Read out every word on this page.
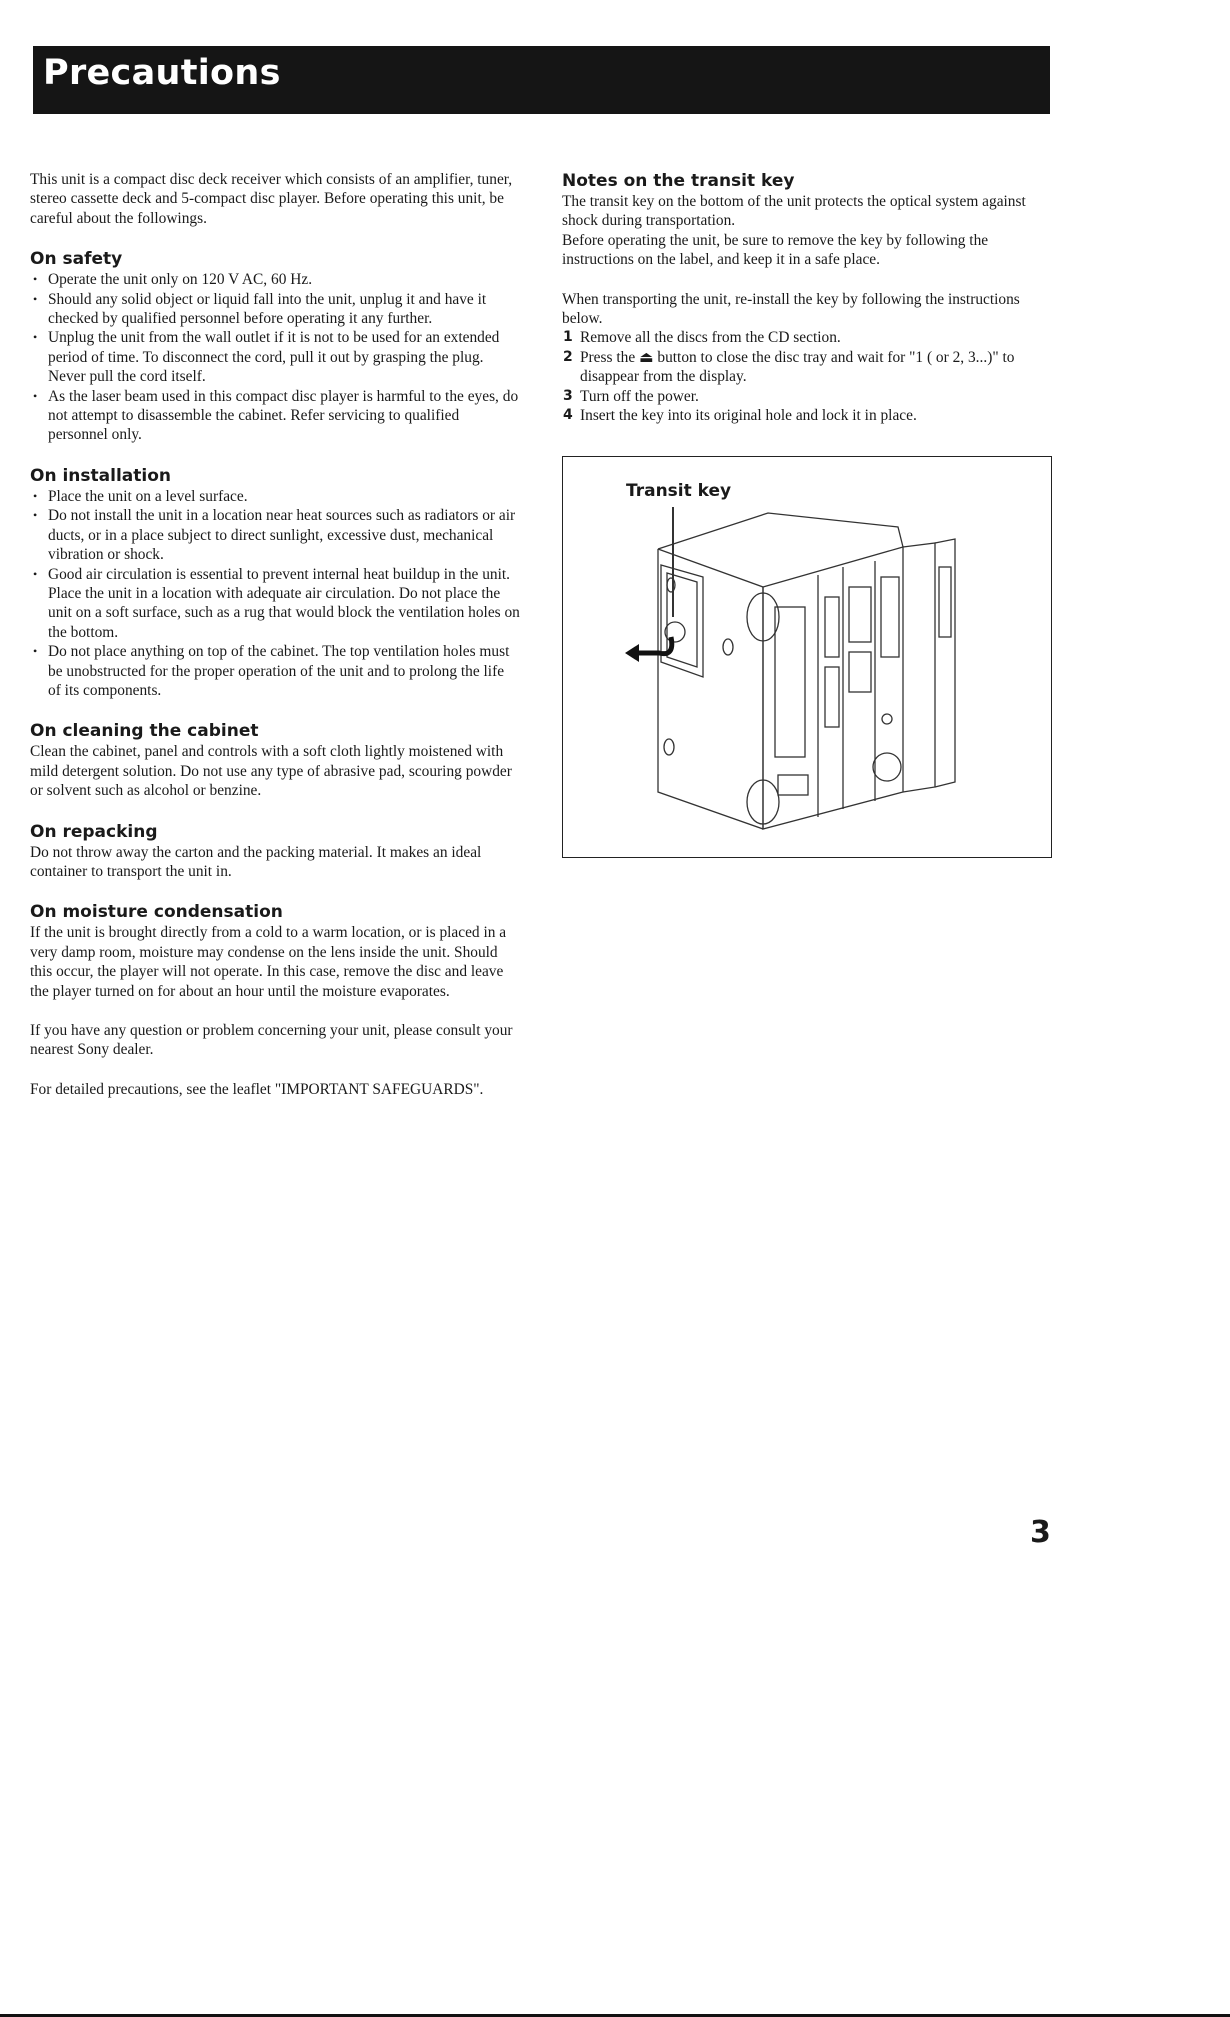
Precautions

This unit is a compact disc deck receiver which consists of an amplifier, tuner, stereo cassette deck and 5-compact disc player. Before operating this unit, be careful about the followings.

On safety
• Operate the unit only on 120 V AC, 60 Hz.
• Should any solid object or liquid fall into the unit, unplug it and have it checked by qualified personnel before operating it any further.
• Unplug the unit from the wall outlet if it is not to be used for an extended period of time. To disconnect the cord, pull it out by grasping the plug. Never pull the cord itself.
• As the laser beam used in this compact disc player is harmful to the eyes, do not attempt to disassemble the cabinet. Refer servicing to qualified personnel only.
On installation
• Place the unit on a level surface.
• Do not install the unit in a location near heat sources such as radiators or air ducts, or in a place subject to direct sunlight, excessive dust, mechanical vibration or shock.
• Good air circulation is essential to prevent internal heat buildup in the unit. Place the unit in a location with adequate air circulation. Do not place the unit on a soft surface, such as a rug that would block the ventilation holes on the bottom.
• Do not place anything on top of the cabinet. The top ventilation holes must be unobstructed for the proper operation of the unit and to prolong the life of its components.
On cleaning the cabinet

Clean the cabinet, panel and controls with a soft cloth lightly moistened with mild detergent solution. Do not use any type of abrasive pad, scouring powder or solvent such as alcohol or benzine.

On repacking

Do not throw away the carton and the packing material. It makes an ideal container to transport the unit in.

On moisture condensation

If the unit is brought directly from a cold to a warm location, or is placed in a very damp room, moisture may condense on the lens inside the unit. Should this occur, the player will not operate. In this case, remove the disc and leave the player turned on for about an hour until the moisture evaporates.

If you have any question or problem concerning your unit, please consult your nearest Sony dealer.

For detailed precautions, see the leaflet "IMPORTANT SAFEGUARDS".

Notes on the transit key

The transit key on the bottom of the unit protects the optical system against shock during transportation.

Before operating the unit, be sure to remove the key by following the instructions on the label, and keep it in a safe place.

When transporting the unit, re-install the key by following the instructions below.

1 Remove all the discs from the CD section.
2 Press the ⏏ button to close the disc tray and wait for "1 ( or 2, 3...)" to disappear from the display.
3 Turn off the power.
4 Insert the key into its original hole and lock it in place.
Transit key
3
